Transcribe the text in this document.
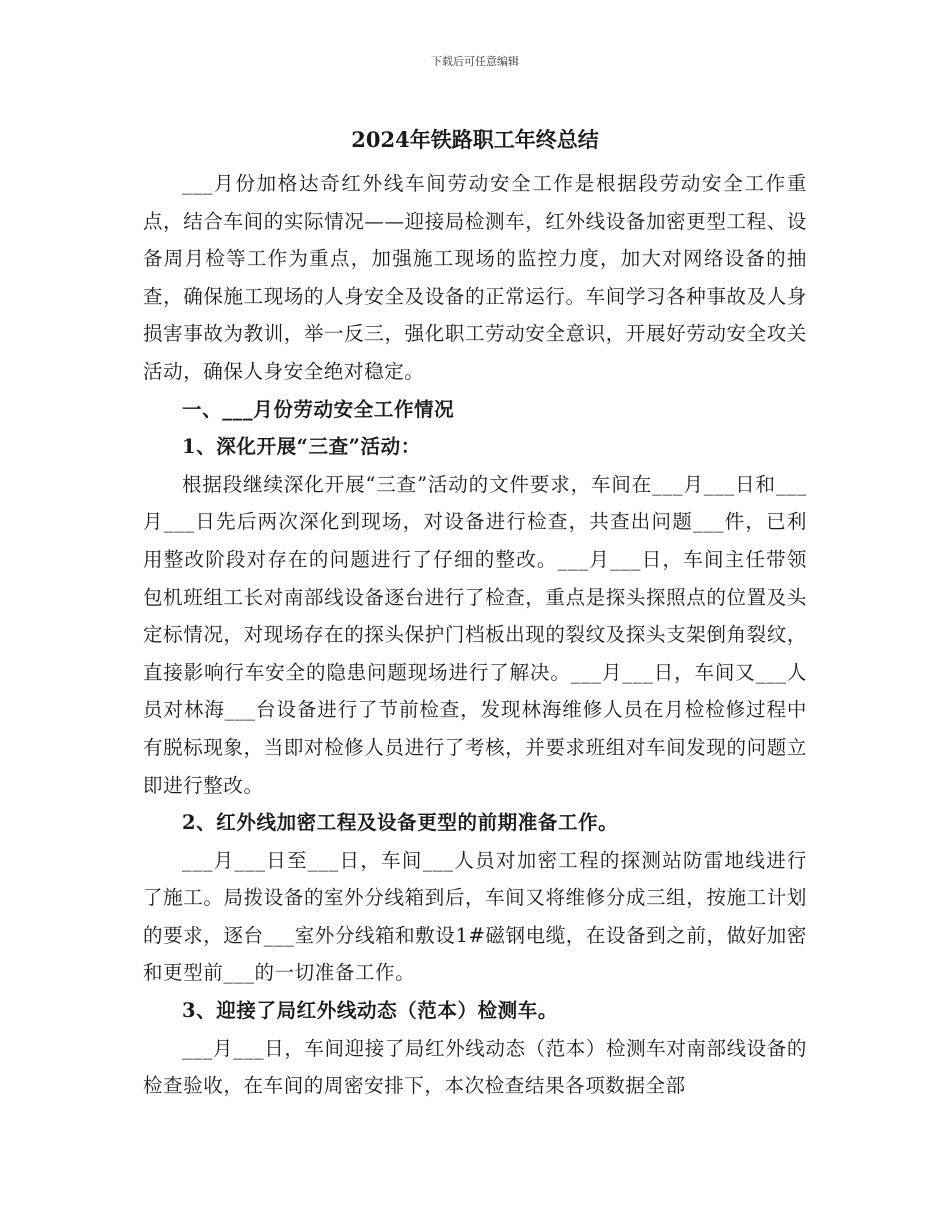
下载后可任意编辑
2024年铁路职工年终总结

___月份加格达奇红外线车间劳动安全工作是根据段劳动安全工作重点，结合车间的实际情况——迎接局检测车，红外线设备加密更型工程、设备周月检等工作为重点，加强施工现场的监控力度，加大对网络设备的抽查，确保施工现场的人身安全及设备的正常运行。车间学习各种事故及人身损害事故为教训，举一反三，强化职工劳动安全意识，开展好劳动安全攻关活动，确保人身安全绝对稳定。

一、___月份劳动安全工作情况

1、深化开展“三查”活动：

根据段继续深化开展“三查”活动的文件要求，车间在___月___日和___月___日先后两次深化到现场，对设备进行检查，共查出问题___件，已利用整改阶段对存在的问题进行了仔细的整改。___月___日，车间主任带领包机班组工长对南部线设备逐台进行了检查，重点是探头探照点的位置及头定标情况，对现场存在的探头保护门档板出现的裂纹及探头支架倒角裂纹，直接影响行车安全的隐患问题现场进行了解决。___月___日，车间又___人员对林海___台设备进行了节前检查，发现林海维修人员在月检检修过程中有脱标现象，当即对检修人员进行了考核，并要求班组对车间发现的问题立即进行整改。

2、红外线加密工程及设备更型的前期准备工作。

___月___日至___日，车间___人员对加密工程的探测站防雷地线进行了施工。局拨设备的室外分线箱到后，车间又将维修分成三组，按施工计划的要求，逐台___室外分线箱和敷设1#磁钢电缆，在设备到之前，做好加密和更型前___的一切准备工作。

3、迎接了局红外线动态（范本）检测车。

___月___日，车间迎接了局红外线动态（范本）检测车对南部线设备的检查验收，在车间的周密安排下，本次检查结果各项数据全部
